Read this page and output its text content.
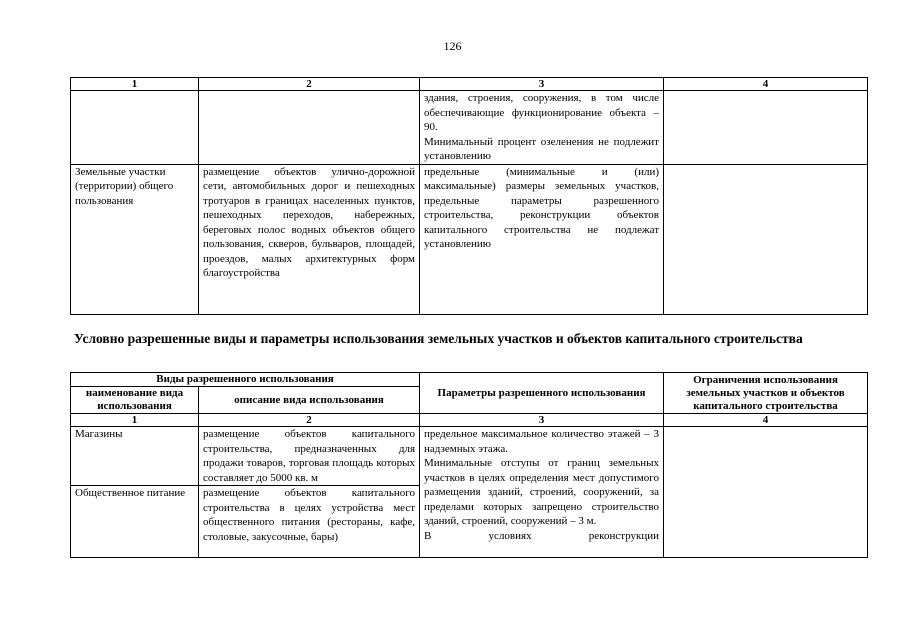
126
1	2	3	4

		здания, строения, сооружения, в том числе обеспечивающие функционирование объекта – 90.

Минимальный процент озеленения не подлежит установлению	

Земельные участки (территории) общего пользования	размещение объектов улично-дорожной сети, автомобильных дорог и пешеходных тротуаров в границах населенных пунктов, пешеходных переходов, набережных, береговых полос водных объектов общего пользования, скверов, бульваров, площадей, проездов, малых архитектурных форм благоустройства	предельные (минимальные и (или) максимальные) размеры земельных участков, предельные параметры разрешенного строительства, реконструкции объектов капитального строительства не подлежат установлению	

Условно разрешенные виды и параметры использования земельных участков и объектов капитального строительства
Виды разрешенного использования		Параметры разрешенного использования	Ограничения использования земельных участков и объектов капитального строительства
наименование вида использования	описание вида использования		
1	2	3	4
Магазины	размещение объектов капитального строительства, предназначенных для продажи товаров, торговая площадь которых составляет до 5000 кв. м	предельное максимальное количество этажей – 3 надземных этажа.

Минимальные отступы от границ земельных участков в целях определения мест допустимого размещения зданий, строений, сооружений, за пределами которых запрещено строительство зданий, строений, сооружений – 3 м.

В условиях реконструкции	

Общественное питание	размещение объектов капитального строительства в целях устройства мест общественного питания (рестораны, кафе, столовые, закусочные, бары)		
